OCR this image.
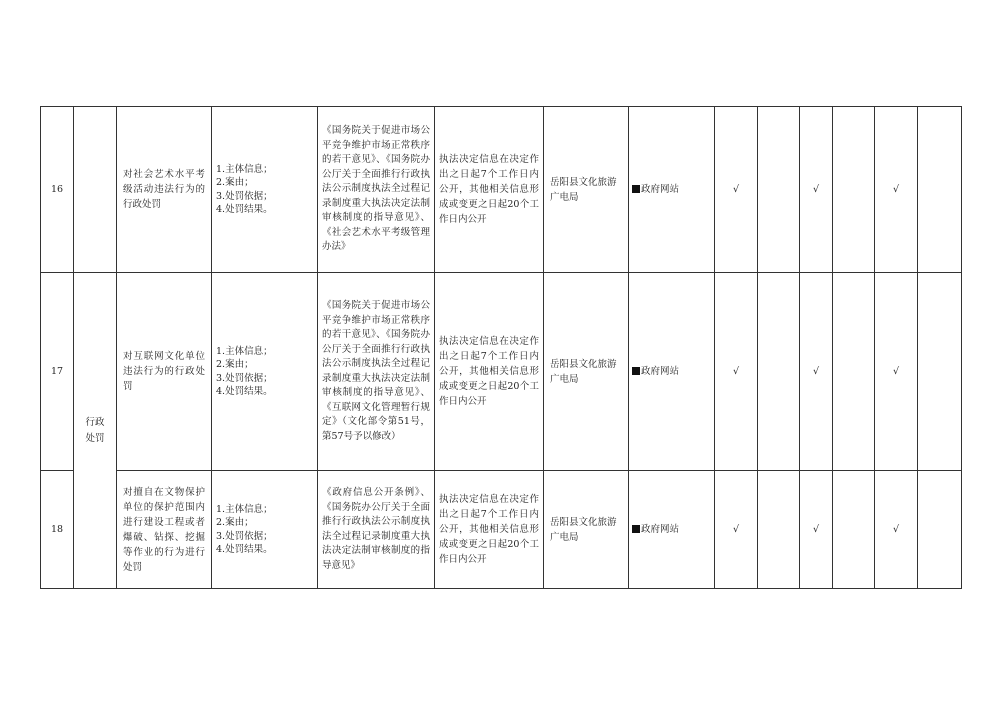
16		对社会艺术水平考级活动违法行为的行政处罚	1.主体信息；
2.案由；
3.处罚依据；
4.处罚结果。	《国务院关于促进市场公平竞争维护市场正常秩序的若干意见》、《国务院办公厅关于全面推行行政执法公示制度执法全过程记录制度重大执法决定法制审核制度的指导意见》、《社会艺术水平考级管理办法》	执法决定信息在决定作出之日起7个工作日内公开，其他相关信息形成或变更之日起20个工作日内公开	岳阳县文化旅游广电局	政府网站	√		√		√	
17	行政处罚	对互联网文化单位违法行为的行政处罚	1.主体信息；
2.案由；
3.处罚依据；
4.处罚结果。	《国务院关于促进市场公平竞争维护市场正常秩序的若干意见》、《国务院办公厅关于全面推行行政执法公示制度执法全过程记录制度重大执法决定法制审核制度的指导意见》、《互联网文化管理暂行规定》（文化部令第51号，第57号予以修改）	执法决定信息在决定作出之日起7个工作日内公开，其他相关信息形成或变更之日起20个工作日内公开	岳阳县文化旅游广电局	政府网站	√		√		√	
18		对擅自在文物保护单位的保护范围内进行建设工程或者爆破、钻探、挖掘等作业的行为进行处罚	1.主体信息；
2.案由；
3.处罚依据；
4.处罚结果。	《政府信息公开条例》、《国务院办公厅关于全面推行行政执法公示制度执法全过程记录制度重大执法决定法制审核制度的指导意见》	执法决定信息在决定作出之日起7个工作日内公开，其他相关信息形成或变更之日起20个工作日内公开	岳阳县文化旅游广电局	政府网站	√		√		√	
